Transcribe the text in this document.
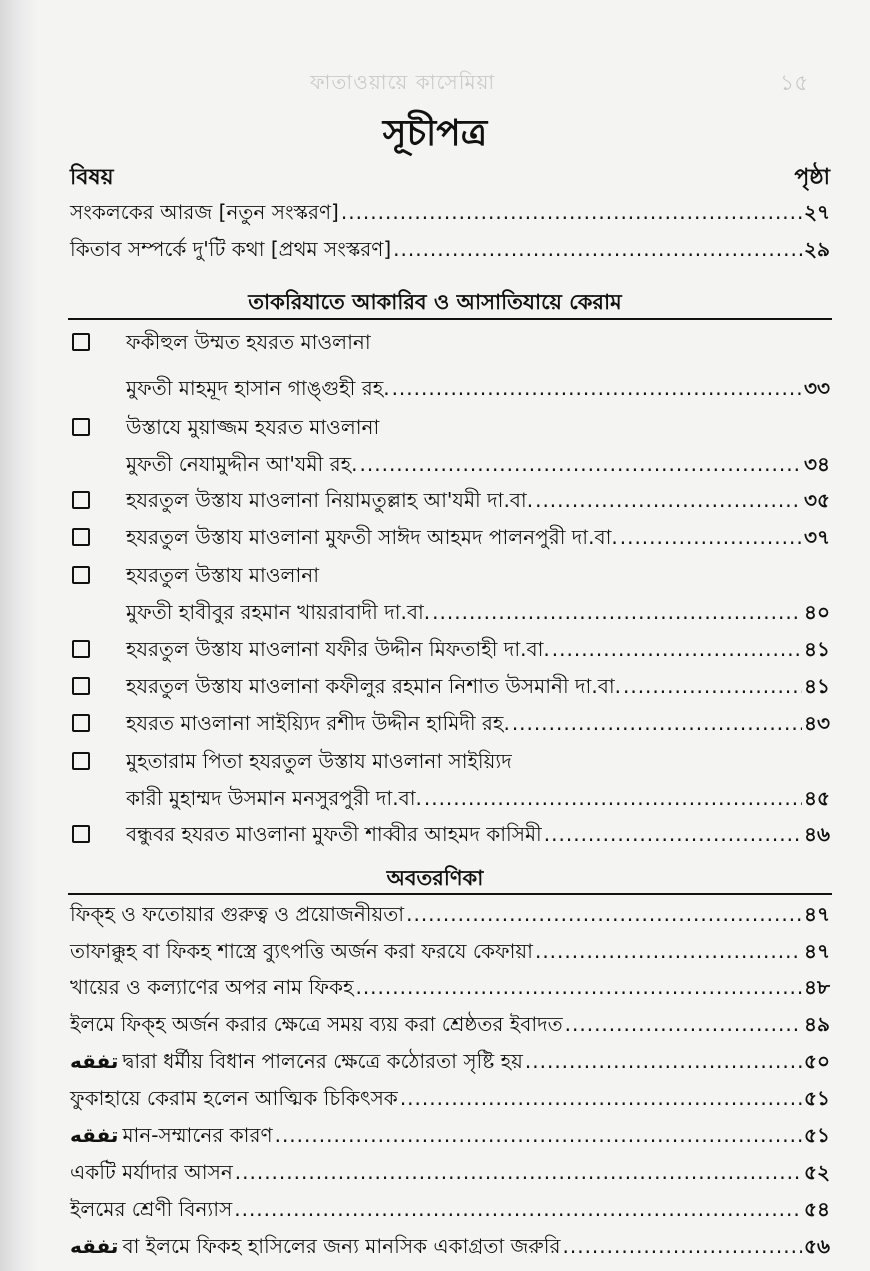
ফাতাওয়ায়ে কাসেমিয়া	১৫
সূচীপত্র
বিষয়	পৃষ্ঠা
সংকলকের আরজ [নতুন সংস্করণ] .....	২৭
কিতাব সম্পর্কে দু'টি কথা [প্রথম সংস্করণ] .....	২৯
তাকরিযাতে আকারিব ও আসাতিযায়ে কেরাম
ফকীহুল উম্মত হযরত মাওলানা
মুফতী মাহমূদ হাসান গাঙ্গুহী রহ. .....	৩৩
উস্তাযে মুয়াজ্জম হযরত মাওলানা
মুফতী নেযামুদ্দীন আ'যমী রহ. .....	৩৪
হযরতুল উস্তায মাওলানা নিয়ামতুল্লাহ আ'যমী দা.বা. .....	৩৫
হযরতুল উস্তায মাওলানা মুফতী সাঈদ আহমদ পালনপুরী দা.বা. .....	৩৭
হযরতুল উস্তায মাওলানা
মুফতী হাবীবুর রহমান খায়রাবাদী দা.বা. .....	৪০
হযরতুল উস্তায মাওলানা যফীর উদ্দীন মিফতাহী দা.বা. .....	৪১
হযরতুল উস্তায মাওলানা কফীলুর রহমান নিশাত উসমানী দা.বা. .....	৪১
হযরত মাওলানা সাইয়্যিদ রশীদ উদ্দীন হামিদী রহ. .....	৪৩
মুহতারাম পিতা হযরতুল উস্তায মাওলানা সাইয়্যিদ
কারী মুহাম্মদ উসমান মনসুরপুরী দা.বা. .....	৪৫
বন্ধুবর হযরত মাওলানা মুফতী শাব্বীর আহমদ কাসিমী .....	৪৬
অবতরণিকা
ফিক্‌হ ও ফতোয়ার গুরুত্ব ও প্রয়োজনীয়তা .....	৪৭
তাফাক্কুহ বা ফিকহ শাস্ত্রে ব্যুৎপত্তি অর্জন করা ফরযে কেফায়া .....	৪৭
খায়ের ও কল্যাণের অপর নাম ফিকহ .....	৪৮
ইলমে ফিক্‌হ অর্জন করার ক্ষেত্রে সময় ব্যয় করা শ্রেষ্ঠতর ইবাদত .....	৪৯
تفقه দ্বারা ধর্মীয় বিধান পালনের ক্ষেত্রে কঠোরতা সৃষ্টি হয় .....	৫০
ফুকাহায়ে কেরাম হলেন আত্মিক চিকিৎসক .....	৫১
تفقه মান-সম্মানের কারণ .....	৫১
একটি মর্যাদার আসন .....	৫২
ইলমের শ্রেণী বিন্যাস .....	৫৪
تفقه বা ইলমে ফিকহ হাসিলের জন্য মানসিক একাগ্রতা জরুরি .....	৫৬
